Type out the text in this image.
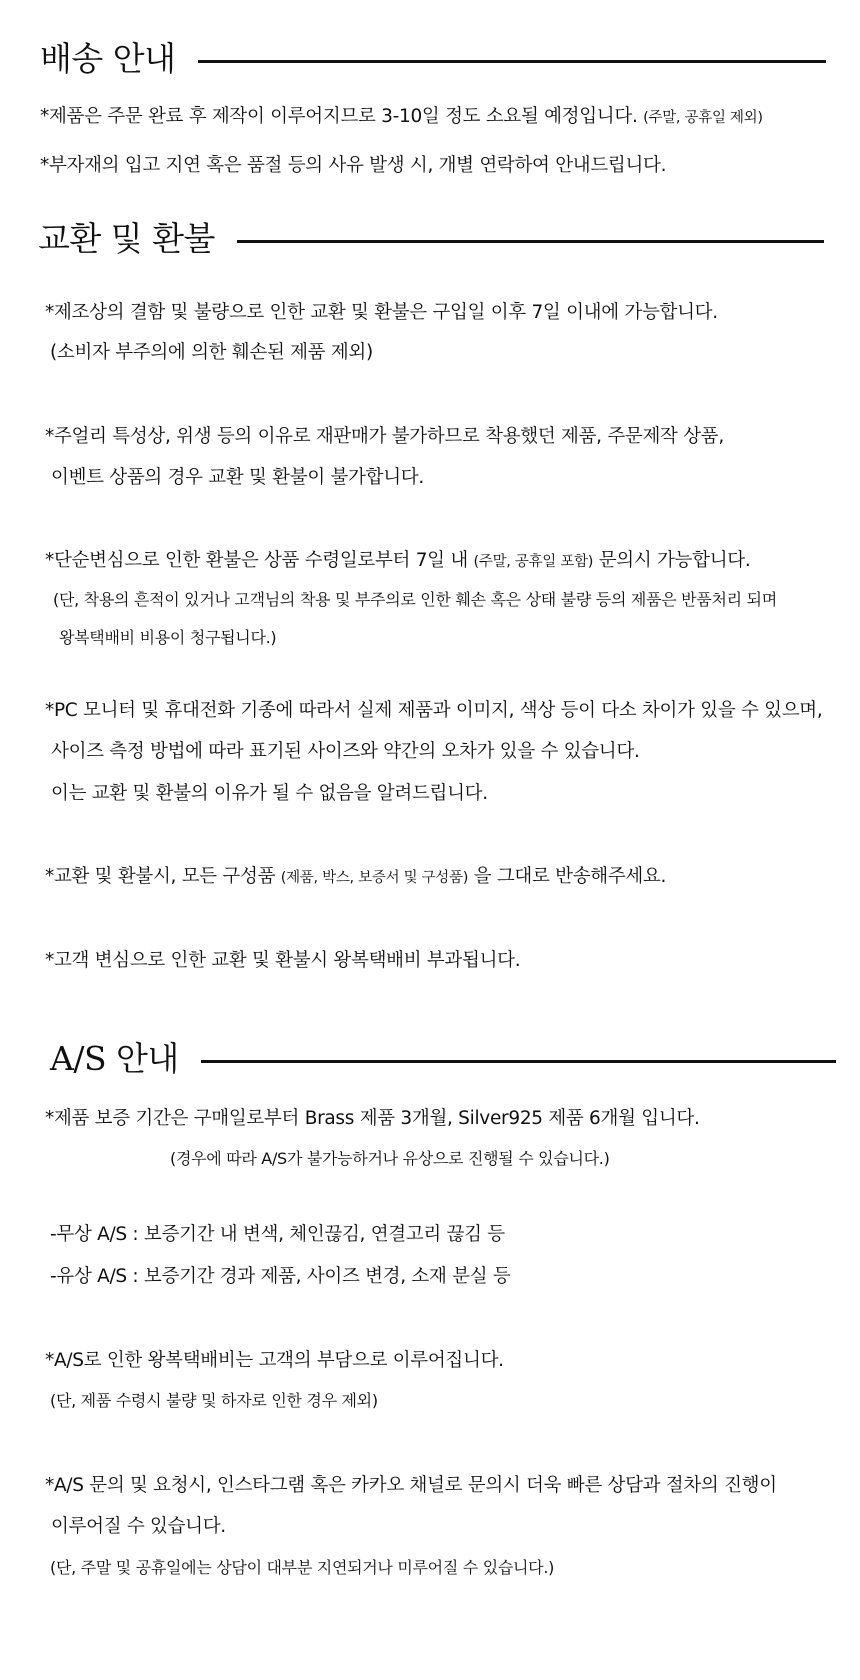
배송 안내
*제품은 주문 완료 후 제작이 이루어지므로 3-10일 정도 소요될 예정입니다. (주말, 공휴일 제외)
*부자재의 입고 지연 혹은 품절 등의 사유 발생 시, 개별 연락하여 안내드립니다.
교환 및 환불
*제조상의 결함 및 불량으로 인한 교환 및 환불은 구입일 이후 7일 이내에 가능합니다.
(소비자 부주의에 의한 훼손된 제품 제외)
*주얼리 특성상, 위생 등의 이유로 재판매가 불가하므로 착용했던 제품, 주문제작 상품,
이벤트 상품의 경우 교환 및 환불이 불가합니다.
*단순변심으로 인한 환불은 상품 수령일로부터 7일 내 (주말, 공휴일 포함) 문의시 가능합니다.
(단, 착용의 흔적이 있거나 고객님의 착용 및 부주의로 인한 훼손 혹은 상태 불량 등의 제품은 반품처리 되며
왕복택배비 비용이 청구됩니다.)
*PC 모니터 및 휴대전화 기종에 따라서 실제 제품과 이미지, 색상 등이 다소 차이가 있을 수 있으며,
사이즈 측정 방법에 따라 표기된 사이즈와 약간의 오차가 있을 수 있습니다.
이는 교환 및 환불의 이유가 될 수 없음을 알려드립니다.
*교환 및 환불시, 모든 구성품 (제품, 박스, 보증서 및 구성품) 을 그대로 반송해주세요.
*고객 변심으로 인한 교환 및 환불시 왕복택배비 부과됩니다.
A/S 안내
*제품 보증 기간은 구매일로부터 Brass 제품 3개월, Silver925 제품 6개월 입니다.
(경우에 따라 A/S가 불가능하거나 유상으로 진행될 수 있습니다.)
-무상 A/S : 보증기간 내 변색, 체인끊김, 연결고리 끊김 등
-유상 A/S : 보증기간 경과 제품, 사이즈 변경, 소재 분실 등
*A/S로 인한 왕복택배비는 고객의 부담으로 이루어집니다.
(단, 제품 수령시 불량 및 하자로 인한 경우 제외)
*A/S 문의 및 요청시, 인스타그램 혹은 카카오 채널로 문의시 더욱 빠른 상담과 절차의 진행이
이루어질 수 있습니다.
(단, 주말 및 공휴일에는 상담이 대부분 지연되거나 미루어질 수 있습니다.)
